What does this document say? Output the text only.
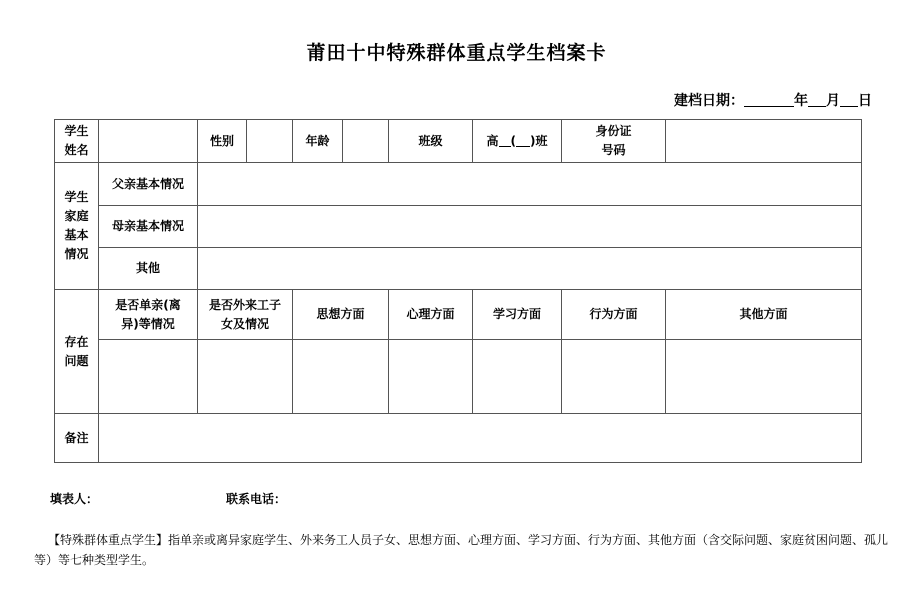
莆田十中特殊群体重点学生档案卡
建档日期：	年 月 日
学生姓名		性别		年龄		班级	高 ( )班	身份证号码	

学生家庭基本情况	父亲基本情况								
	母亲基本情况								
	其他								

存在问题	是否单亲(离异)等情况	是否外来工子女及情况		思想方面		心理方面	学习方面	行为方面	其他方面

备注									
填表人：	联系电话：
【特殊群体重点学生】指单亲或离异家庭学生、外来务工人员子女、思想方面、心理方面、学习方面、行为方面、其他方面（含交际问题、家庭贫困问题、孤儿等）等七种类型学生。
